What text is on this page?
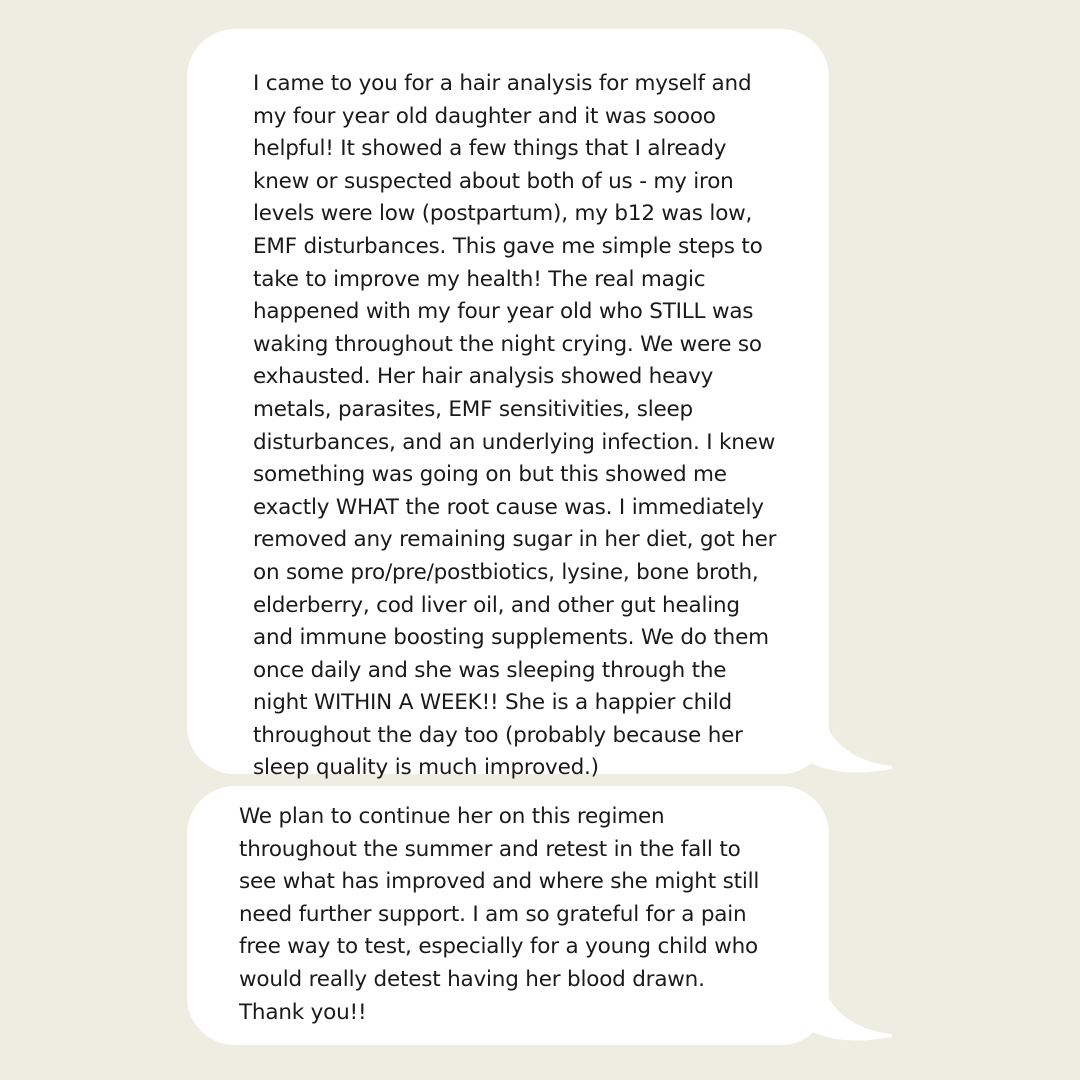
I came to you for a hair analysis for myself and
my four year old daughter and it was soooo
helpful! It showed a few things that I already
knew or suspected about both of us - my iron
levels were low (postpartum), my b12 was low,
EMF disturbances. This gave me simple steps to
take to improve my health! The real magic
happened with my four year old who STILL was
waking throughout the night crying. We were so
exhausted. Her hair analysis showed heavy
metals, parasites, EMF sensitivities, sleep
disturbances, and an underlying infection. I knew
something was going on but this showed me
exactly WHAT the root cause was. I immediately
removed any remaining sugar in her diet, got her
on some pro/pre/postbiotics, lysine, bone broth,
elderberry, cod liver oil, and other gut healing
and immune boosting supplements. We do them
once daily and she was sleeping through the
night WITHIN A WEEK!! She is a happier child
throughout the day too (probably because her
sleep quality is much improved.)

We plan to continue her on this regimen
throughout the summer and retest in the fall to
see what has improved and where she might still
need further support. I am so grateful for a pain
free way to test, especially for a young child who
would really detest having her blood drawn.
Thank you!!
